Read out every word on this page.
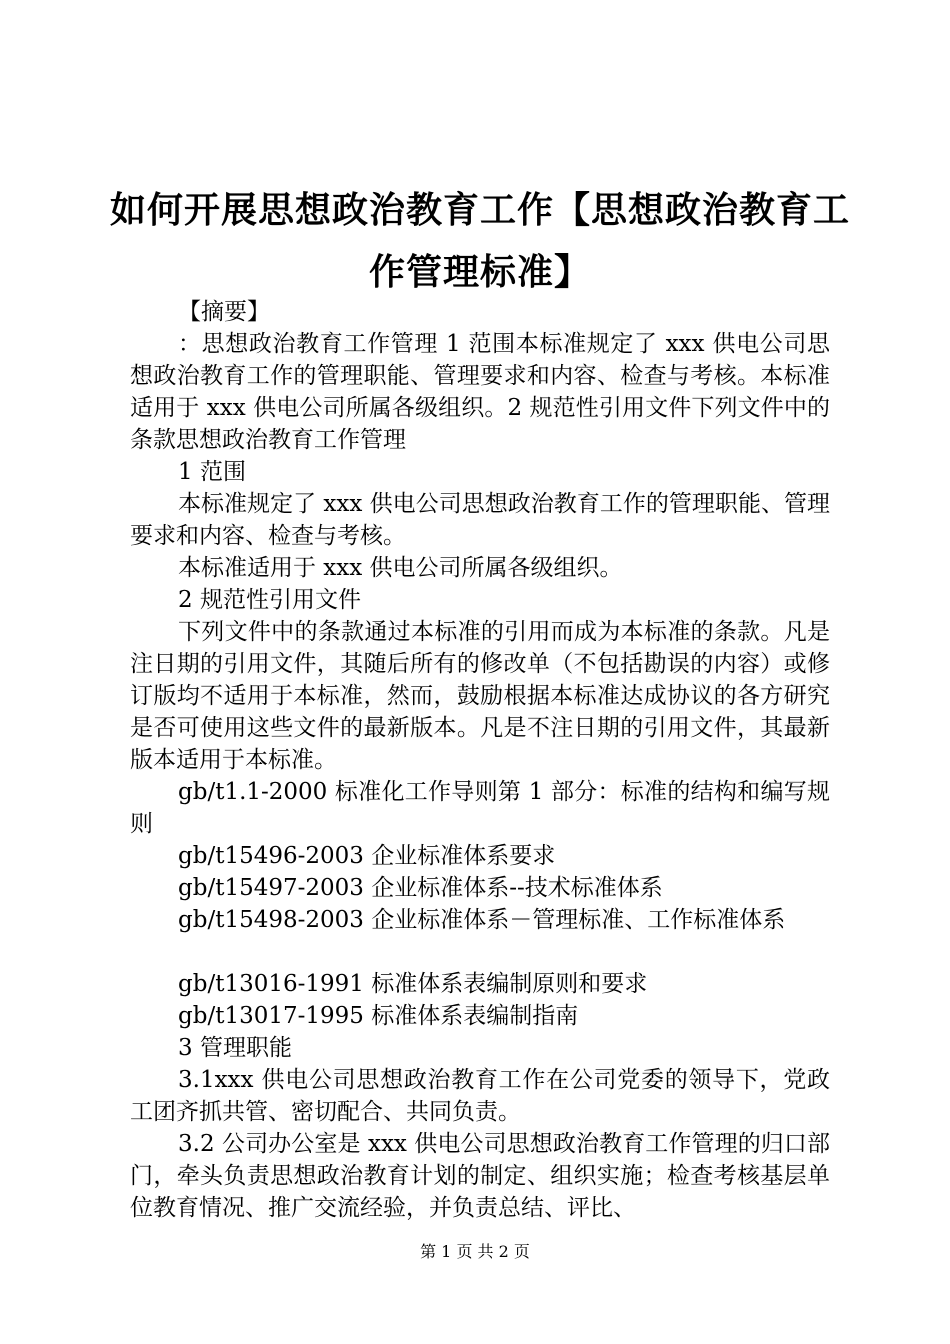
如何开展思想政治教育工作【思想政治教育工作管理标准】

【摘要】

：思想政治教育工作管理 1 范围本标准规定了 xxx 供电公司思想政治教育工作的管理职能、管理要求和内容、检查与考核。本标准适用于 xxx 供电公司所属各级组织。2 规范性引用文件下列文件中的条款思想政治教育工作管理

1 范围

本标准规定了 xxx 供电公司思想政治教育工作的管理职能、管理要求和内容、检查与考核。

本标准适用于 xxx 供电公司所属各级组织。

2 规范性引用文件

下列文件中的条款通过本标准的引用而成为本标准的条款。凡是注日期的引用文件，其随后所有的修改单（不包括勘误的内容）或修订版均不适用于本标准，然而，鼓励根据本标准达成协议的各方研究是否可使用这些文件的最新版本。凡是不注日期的引用文件，其最新版本适用于本标准。

gb/t1.1-2000 标准化工作导则第 1 部分：标准的结构和编写规则

gb/t15496-2003 企业标准体系要求

gb/t15497-2003 企业标准体系--技术标准体系

gb/t15498-2003 企业标准体系－管理标准、工作标准体系

gb/t13016-1991 标准体系表编制原则和要求

gb/t13017-1995 标准体系表编制指南

3 管理职能

3.1xxx 供电公司思想政治教育工作在公司党委的领导下，党政工团齐抓共管、密切配合、共同负责。

3.2 公司办公室是 xxx 供电公司思想政治教育工作管理的归口部门，牵头负责思想政治教育计划的制定、组织实施；检查考核基层单位教育情况、推广交流经验，并负责总结、评比、

第 1 页 共 2 页
